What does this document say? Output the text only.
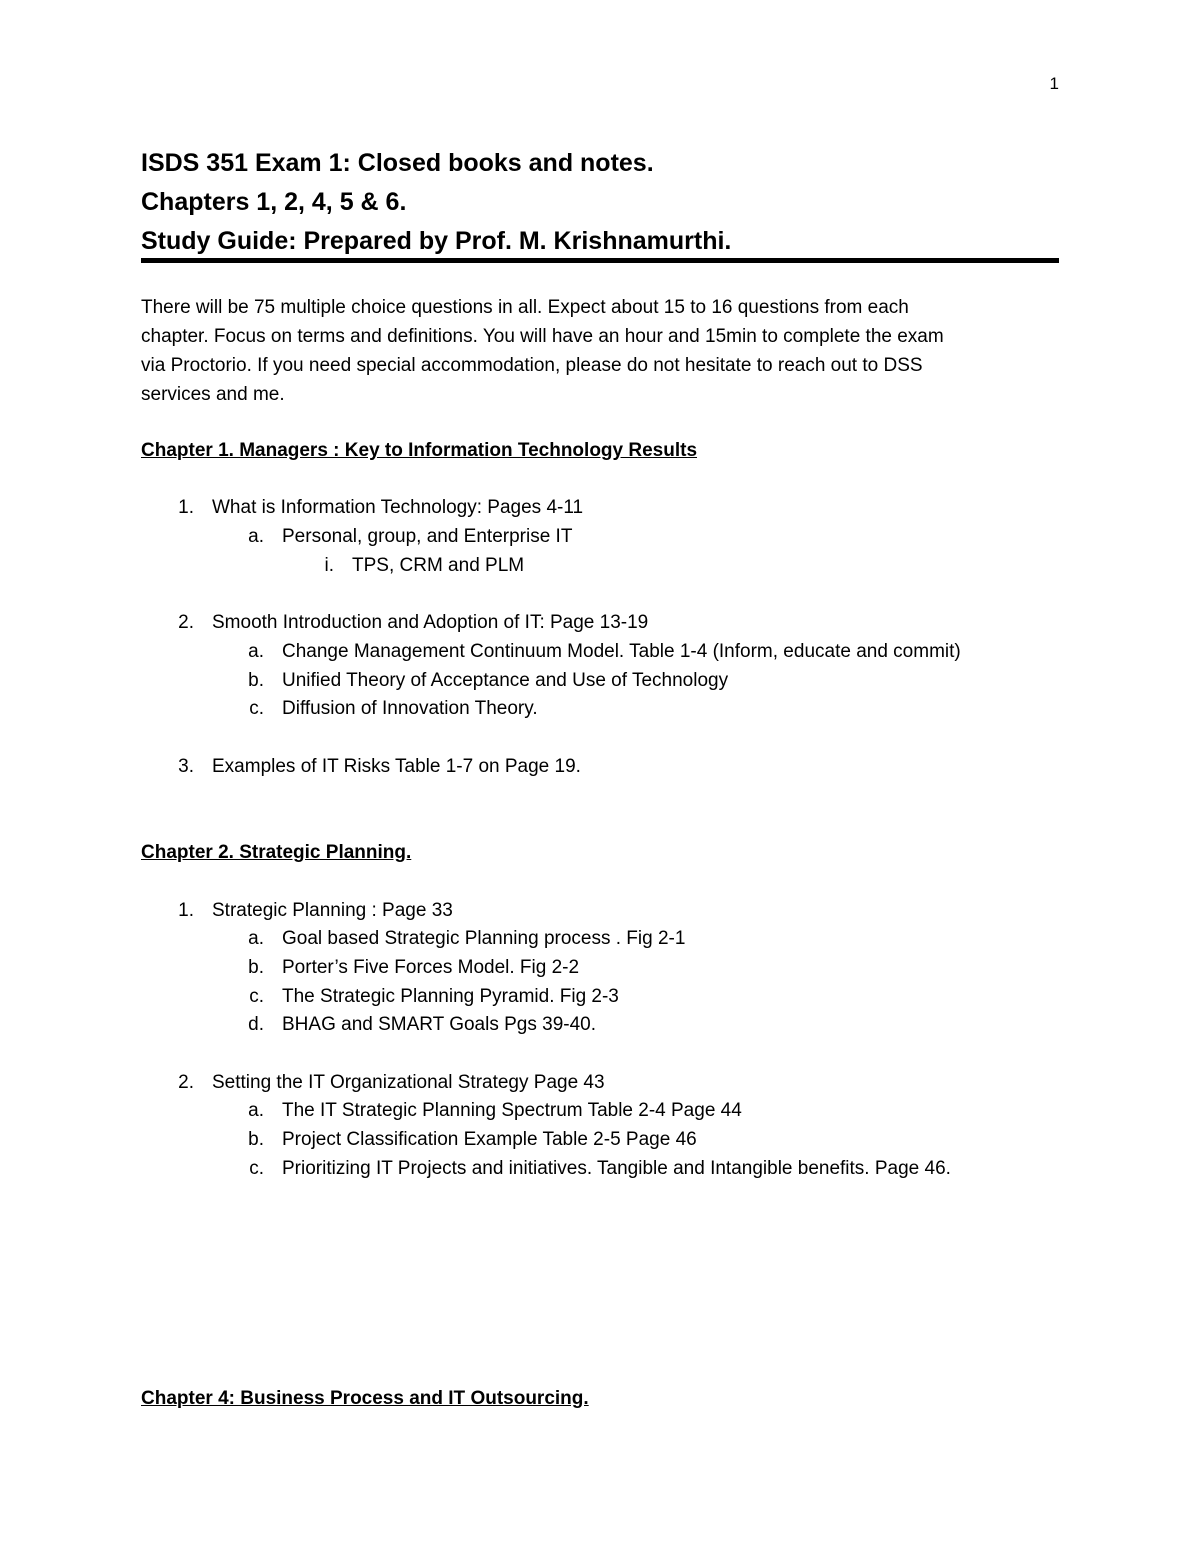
1
ISDS 351 Exam 1: Closed books and notes.
Chapters 1, 2, 4, 5 & 6.
Study Guide: Prepared by Prof. M. Krishnamurthi.
There will be 75 multiple choice questions in all. Expect about 15 to 16 questions from each
chapter. Focus on terms and definitions. You will have an hour and 15min to complete the exam
via Proctorio. If you need special accommodation, please do not hesitate to reach out to DSS
services and me.
Chapter 1. Managers : Key to Information Technology Results
1. What is Information Technology: Pages 4-11
a. Personal, group, and Enterprise IT
i. TPS, CRM and PLM
2. Smooth Introduction and Adoption of IT: Page 13-19
a. Change Management Continuum Model. Table 1-4 (Inform, educate and commit)
b. Unified Theory of Acceptance and Use of Technology
c. Diffusion of Innovation Theory.
3. Examples of IT Risks Table 1-7 on Page 19.
Chapter 2. Strategic Planning.
1. Strategic Planning : Page 33
a. Goal based Strategic Planning process . Fig 2-1
b. Porter’s Five Forces Model. Fig 2-2
c. The Strategic Planning Pyramid. Fig 2-3
d. BHAG and SMART Goals Pgs 39-40.
2. Setting the IT Organizational Strategy Page 43
a. The IT Strategic Planning Spectrum Table 2-4 Page 44
b. Project Classification Example Table 2-5 Page 46
c. Prioritizing IT Projects and initiatives. Tangible and Intangible benefits. Page 46.
Chapter 4: Business Process and IT Outsourcing.
